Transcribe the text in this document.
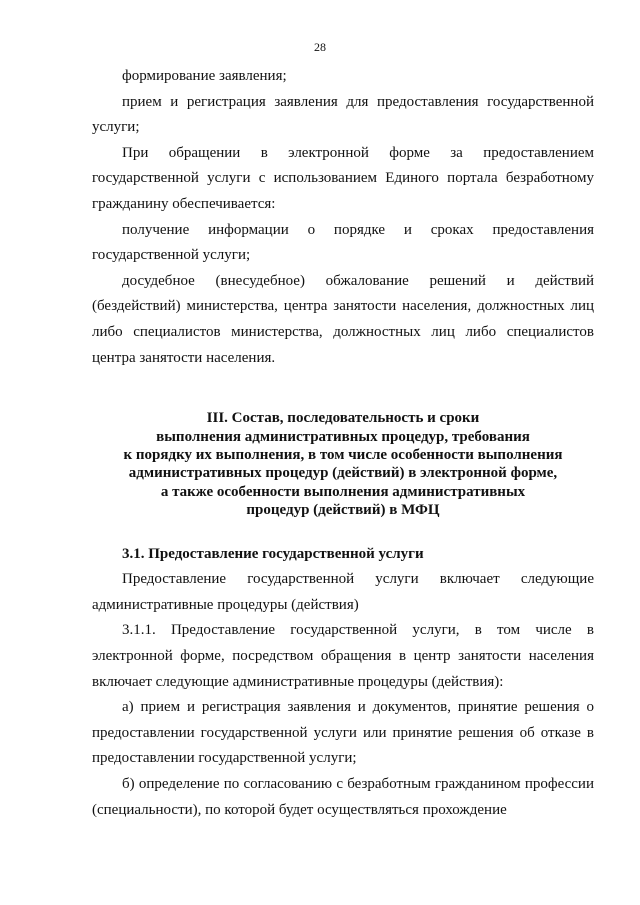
28

формирование заявления;

прием и регистрация заявления для предоставления государственной услуги;

При обращении в электронной форме за предоставлением государственной услуги с использованием Единого портала безработному гражданину обеспечивается:

получение информации о порядке и сроках предоставления государственной услуги;

досудебное (внесудебное) обжалование решений и действий (бездействий) министерства, центра занятости населения, должностных лиц либо специалистов министерства, должностных лиц либо специалистов центра занятости населения.

III. Состав, последовательность и сроки
выполнения административных процедур, требования
к порядку их выполнения, в том числе особенности выполнения
административных процедур (действий) в электронной форме,
а также особенности выполнения административных
процедур (действий) в МФЦ

3.1. Предоставление государственной услуги

Предоставление государственной услуги включает следующие административные процедуры (действия)

3.1.1. Предоставление государственной услуги, в том числе в электронной форме, посредством обращения в центр занятости населения включает следующие административные процедуры (действия):

а) прием и регистрация заявления и документов, принятие решения о предоставлении государственной услуги или принятие решения об отказе в предоставлении государственной услуги;

б) определение по согласованию с безработным гражданином профессии (специальности), по которой будет осуществляться прохождение
